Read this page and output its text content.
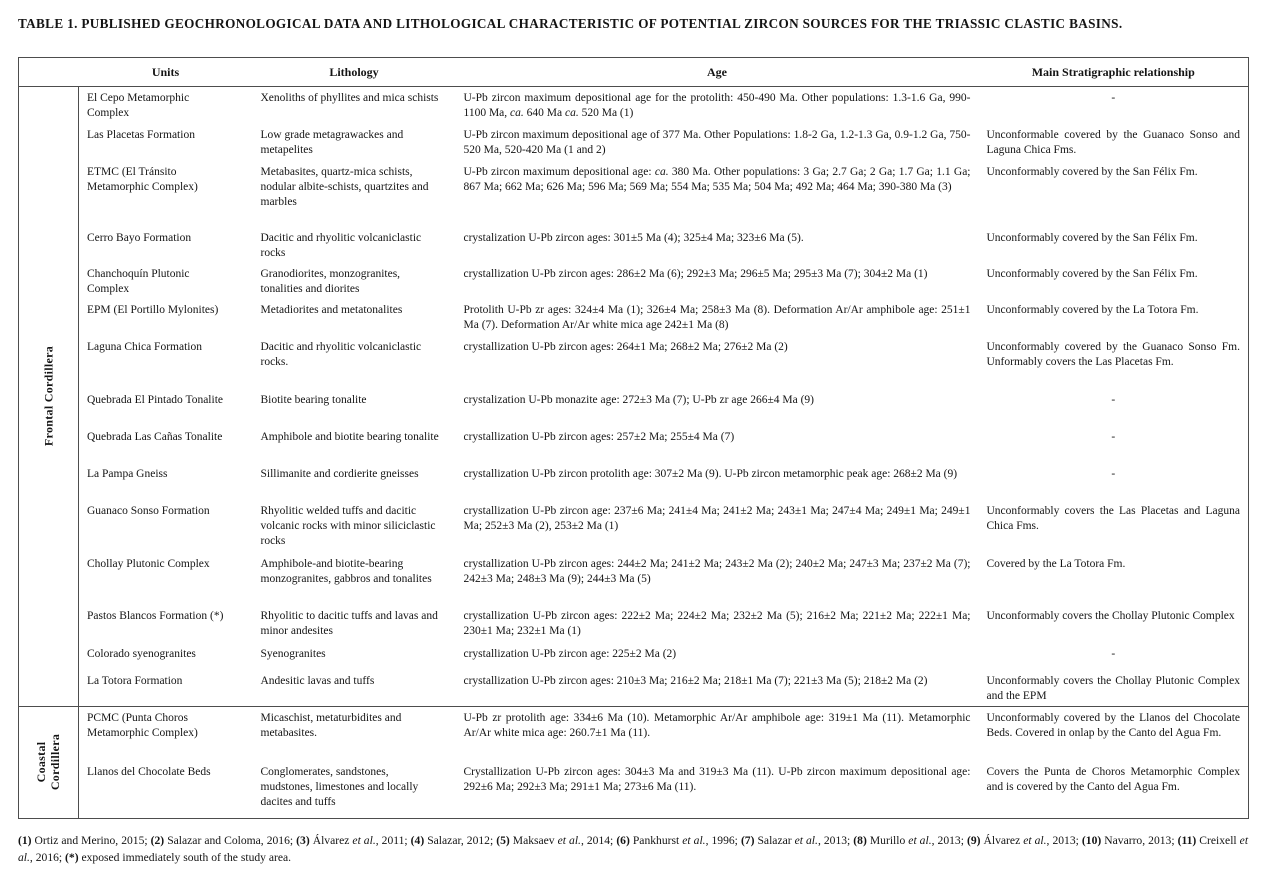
TABLE 1. PUBLISHED GEOCHRONOLOGICAL DATA AND LITHOLOGICAL CHARACTERISTIC OF POTENTIAL ZIRCON SOURCES FOR THE TRIASSIC CLASTIC BASINS.
	Units	Lithology	Age	Main Stratigraphic relationship

Frontal Cordillera	El Cepo Metamorphic Complex	Xenoliths of phyllites and mica schists	U-Pb zircon maximum depositional age for the protolith: 450-490 Ma. Other populations: 1.3-1.6 Ga, 990-1100 Ma, ca. 640 Ma ca. 520 Ma (1)	-
	Las Placetas Formation	Low grade metagrawackes and metapelites	U-Pb zircon maximum depositional age of 377 Ma. Other Populations: 1.8-2 Ga, 1.2-1.3 Ga, 0.9-1.2 Ga, 750-520 Ma, 520-420 Ma (1 and 2)	Unconformable covered by the Guanaco Sonso and Laguna Chica Fms.
	ETMC (El Tránsito Metamorphic Complex)	Metabasites, quartz-mica schists, nodular albite-schists, quartzites and marbles	U-Pb zircon maximum depositional age: ca. 380 Ma. Other populations: 3 Ga; 2.7 Ga; 2 Ga; 1.7 Ga; 1.1 Ga; 867 Ma; 662 Ma; 626 Ma; 596 Ma; 569 Ma; 554 Ma; 535 Ma; 504 Ma; 492 Ma; 464 Ma; 390-380 Ma (3)	Unconformably covered by the San Félix Fm.
	Cerro Bayo Formation	Dacitic and rhyolitic volcaniclastic rocks	crystalization U-Pb zircon ages: 301±5 Ma (4); 325±4 Ma; 323±6 Ma (5).	Unconformably covered by the San Félix Fm.
	Chanchoquín Plutonic Complex	Granodiorites, monzogranites, tonalities and diorites	crystallization U-Pb zircon ages: 286±2 Ma (6); 292±3 Ma; 296±5 Ma; 295±3 Ma (7); 304±2 Ma (1)	Unconformably covered by the San Félix Fm.
	EPM (El Portillo Mylonites)	Metadiorites and metatonalites	Protolith U-Pb zr ages: 324±4 Ma (1); 326±4 Ma; 258±3 Ma (8). Deformation Ar/Ar amphibole age: 251±1 Ma (7). Deformation Ar/Ar white mica age 242±1 Ma (8)	Unconformably covered by the La Totora Fm.
	Laguna Chica Formation	Dacitic and rhyolitic volcaniclastic rocks.	crystallization U-Pb zircon ages: 264±1 Ma; 268±2 Ma; 276±2 Ma (2)	Unconformably covered by the Guanaco Sonso Fm. Unformably covers the Las Placetas Fm.
	Quebrada El Pintado Tonalite	Biotite bearing tonalite	crystalization U-Pb monazite age: 272±3 Ma (7); U-Pb zr age 266±4 Ma (9)	-
	Quebrada Las Cañas Tonalite	Amphibole and biotite bearing tonalite	crystallization U-Pb zircon ages: 257±2 Ma; 255±4 Ma (7)	-
	La Pampa Gneiss	Sillimanite and cordierite gneisses	crystallization U-Pb zircon protolith age: 307±2 Ma (9). U-Pb zircon metamorphic peak age: 268±2 Ma (9)	-
	Guanaco Sonso Formation	Rhyolitic welded tuffs and dacitic volcanic rocks with minor siliciclastic rocks	crystallization U-Pb zircon age: 237±6 Ma; 241±4 Ma; 241±2 Ma; 243±1 Ma; 247±4 Ma; 249±1 Ma; 249±1 Ma; 252±3 Ma (2), 253±2 Ma (1)	Unconformably covers the Las Placetas and Laguna Chica Fms.
	Chollay Plutonic Complex	Amphibole-and biotite-bearing monzogranites, gabbros and tonalites	crystallization U-Pb zircon ages: 244±2 Ma; 241±2 Ma; 243±2 Ma (2); 240±2 Ma; 247±3 Ma; 237±2 Ma (7); 242±3 Ma; 248±3 Ma (9); 244±3 Ma (5)	Covered by the La Totora Fm.
	Pastos Blancos Formation (*)	Rhyolitic to dacitic tuffs and lavas and minor andesites	crystallization U-Pb zircon ages: 222±2 Ma; 224±2 Ma; 232±2 Ma (5); 216±2 Ma; 221±2 Ma; 222±1 Ma; 230±1 Ma; 232±1 Ma (1)	Unconformably covers the Chollay Plutonic Complex
	Colorado syenogranites	Syenogranites	crystallization U-Pb zircon age: 225±2 Ma (2)	-
	La Totora Formation	Andesitic lavas and tuffs	crystallization U-Pb zircon ages: 210±3 Ma; 216±2 Ma; 218±1 Ma (7); 221±3 Ma (5); 218±2 Ma (2)	Unconformably covers the Chollay Plutonic Complex and the EPM

Coastal Cordillera	PCMC (Punta Choros Metamorphic Complex)	Micaschist, metaturbidites and metabasites.	U-Pb zr protolith age: 334±6 Ma (10). Metamorphic Ar/Ar amphibole age: 319±1 Ma (11). Metamorphic Ar/Ar white mica age: 260.7±1 Ma (11).	Unconformably covered by the Llanos del Chocolate Beds. Covered in onlap by the Canto del Agua Fm.
	Llanos del Chocolate Beds	Conglomerates, sandstones, mudstones, limestones and locally dacites and tuffs	Crystallization U-Pb zircon ages: 304±3 Ma and 319±3 Ma (11). U-Pb zircon maximum depositional age: 292±6 Ma; 292±3 Ma; 291±1 Ma; 273±6 Ma (11).	Covers the Punta de Choros Metamorphic Complex and is covered by the Canto del Agua Fm.

(1) Ortiz and Merino, 2015; (2) Salazar and Coloma, 2016; (3) Álvarez et al., 2011; (4) Salazar, 2012; (5) Maksaev et al., 2014; (6) Pankhurst et al., 1996; (7) Salazar et al., 2013; (8) Murillo et al., 2013; (9) Álvarez et al., 2013; (10) Navarro, 2013; (11) Creixell et al., 2016; (*) exposed immediately south of the study area.
